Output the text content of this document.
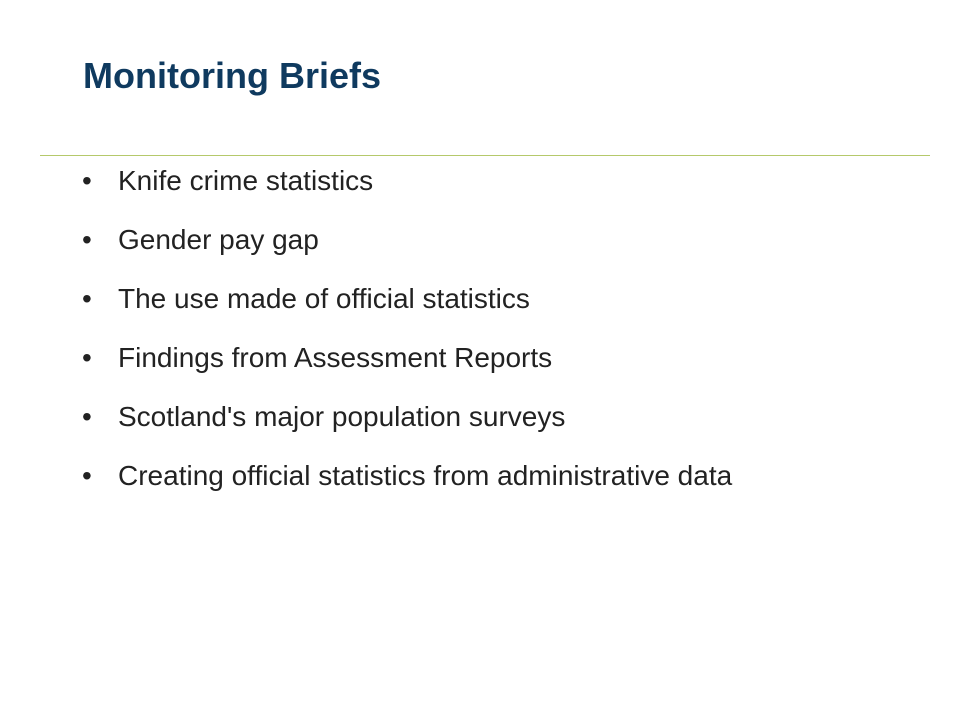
Monitoring Briefs
• Knife crime statistics
• Gender pay gap
• The use made of official statistics
• Findings from Assessment Reports
• Scotland's major population surveys
• Creating official statistics from administrative data
